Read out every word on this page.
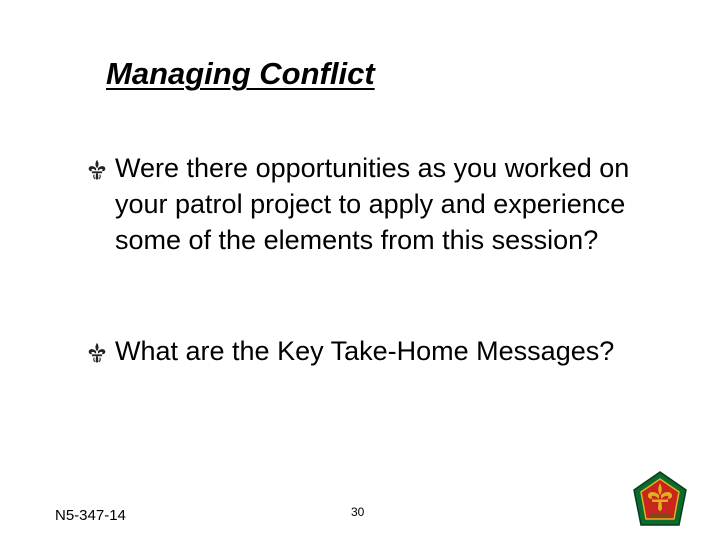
Managing Conflict
Were there opportunities as you worked on your patrol project to apply and experience some of the elements from this session?
What are the Key Take-Home Messages?
N5-347-14	30
